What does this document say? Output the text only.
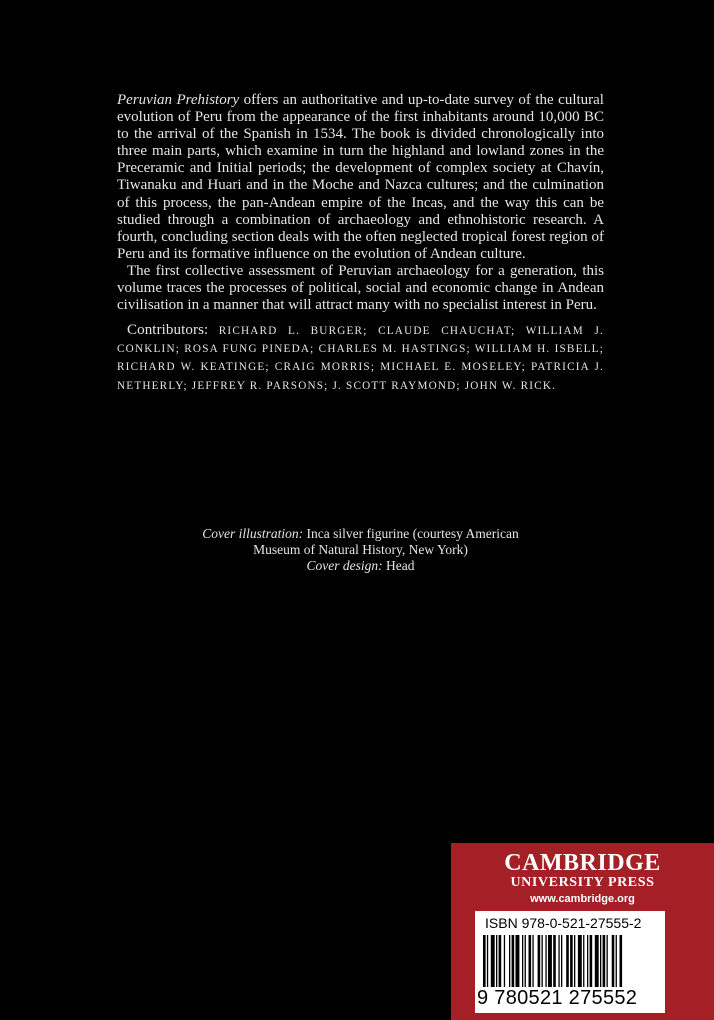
Peruvian Prehistory offers an authoritative and up-to-date survey of the cultural evolution of Peru from the appearance of the first inhabitants around 10,000 BC to the arrival of the Spanish in 1534. The book is divided chronologically into three main parts, which examine in turn the highland and lowland zones in the Preceramic and Initial periods; the development of complex society at Chavín, Tiwanaku and Huari and in the Moche and Nazca cultures; and the culmination of this process, the pan-Andean empire of the Incas, and the way this can be studied through a combination of archaeology and ethnohistoric research. A fourth, concluding section deals with the often neglected tropical forest region of Peru and its formative influence on the evolution of Andean culture.

The first collective assessment of Peruvian archaeology for a generation, this volume traces the processes of political, social and economic change in Andean civilisation in a manner that will attract many with no specialist interest in Peru.

Contributors: RICHARD L. BURGER; CLAUDE CHAUCHAT; WILLIAM J. CONKLIN; ROSA FUNG PINEDA; CHARLES M. HASTINGS; WILLIAM H. ISBELL; RICHARD W. KEATINGE; CRAIG MORRIS; MICHAEL E. MOSELEY; PATRICIA J. NETHERLY; JEFFREY R. PARSONS; J. SCOTT RAYMOND; JOHN W. RICK.

Cover illustration: Inca silver figurine (courtesy American
Museum of Natural History, New York)
Cover design: Head
CAMBRIDGE
UNIVERSITY PRESS
www.cambridge.org
ISBN 978-0-521-27555-2
9 780521 275552
